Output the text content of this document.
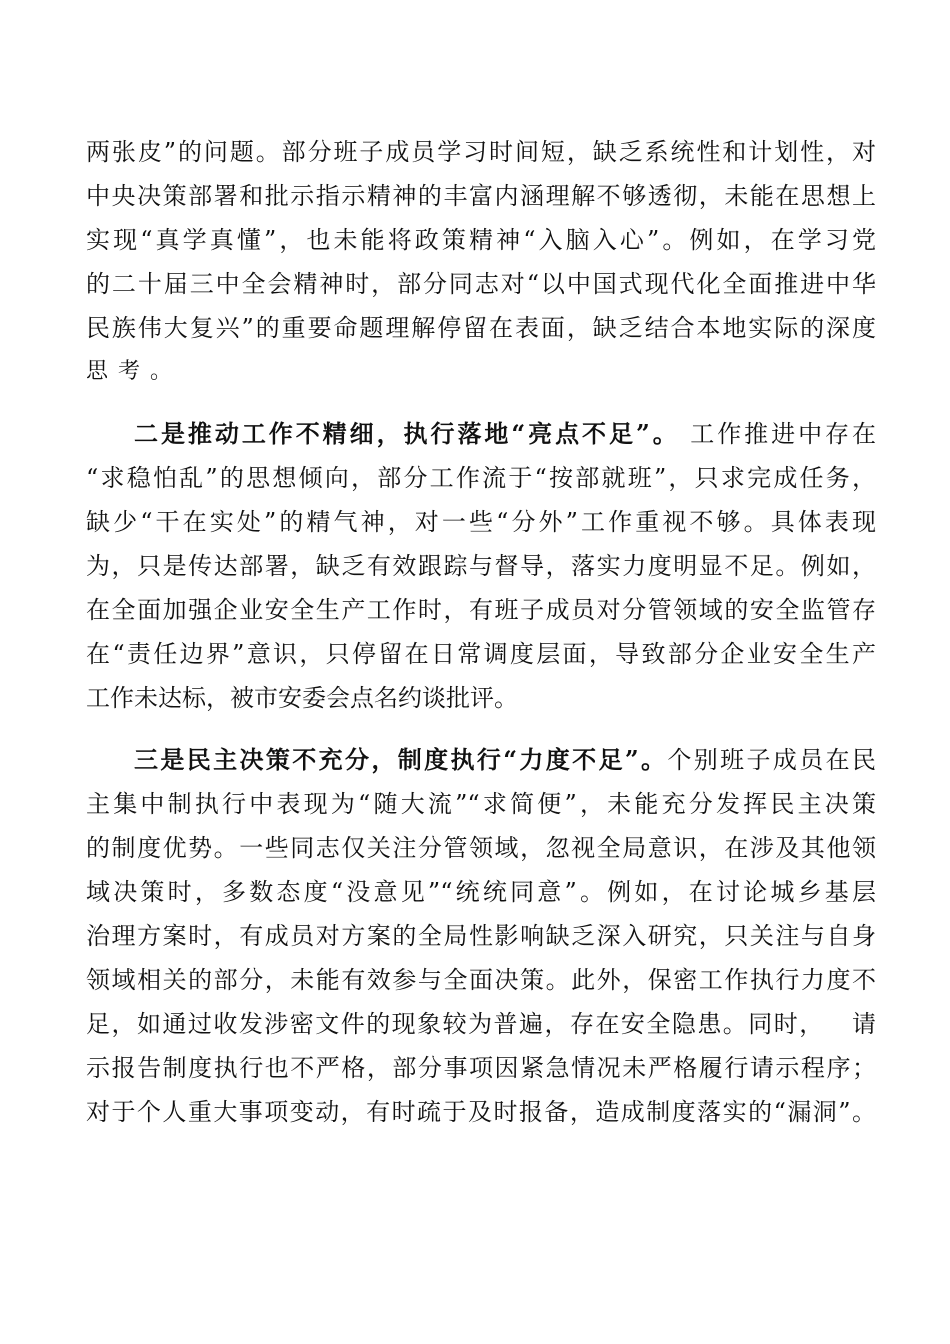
两张皮”的问题。部分班子成员学习时间短，缺乏系统性和计划性，对
中央决策部署和批示指示精神的丰富内涵理解不够透彻，未能在思想上
实现“真学真懂”，也未能将政策精神“入脑入心”。例如，在学习党
的二十届三中全会精神时，部分同志对“以中国式现代化全面推进中华
民族伟大复兴”的重要命题理解停留在表面，缺乏结合本地实际的深度
思考。
二是推动工作不精细，执行落地“亮点不足”。 工作推进中存在
“求稳怕乱”的思想倾向，部分工作流于“按部就班”，只求完成任务，
缺少“干在实处”的精气神，对一些“分外”工作重视不够。具体表现
为，只是传达部署，缺乏有效跟踪与督导，落实力度明显不足。例如，
在全面加强企业安全生产工作时，有班子成员对分管领域的安全监管存
在“责任边界”意识，只停留在日常调度层面，导致部分企业安全生产
工作未达标，被市安委会点名约谈批评。
三是民主决策不充分，制度执行“力度不足”。个别班子成员在民
主集中制执行中表现为“随大流”“求简便”，未能充分发挥民主决策
的制度优势。一些同志仅关注分管领域，忽视全局意识，在涉及其他领
域决策时，多数态度“没意见”“统统同意”。例如，在讨论城乡基层
治理方案时，有成员对方案的全局性影响缺乏深入研究，只关注与自身
领域相关的部分，未能有效参与全面决策。此外，保密工作执行力度不
足，如通过收发涉密文件的现象较为普遍，存在安全隐患。同时，   请
示报告制度执行也不严格，部分事项因紧急情况未严格履行请示程序；
对于个人重大事项变动，有时疏于及时报备，造成制度落实的“漏洞”。
